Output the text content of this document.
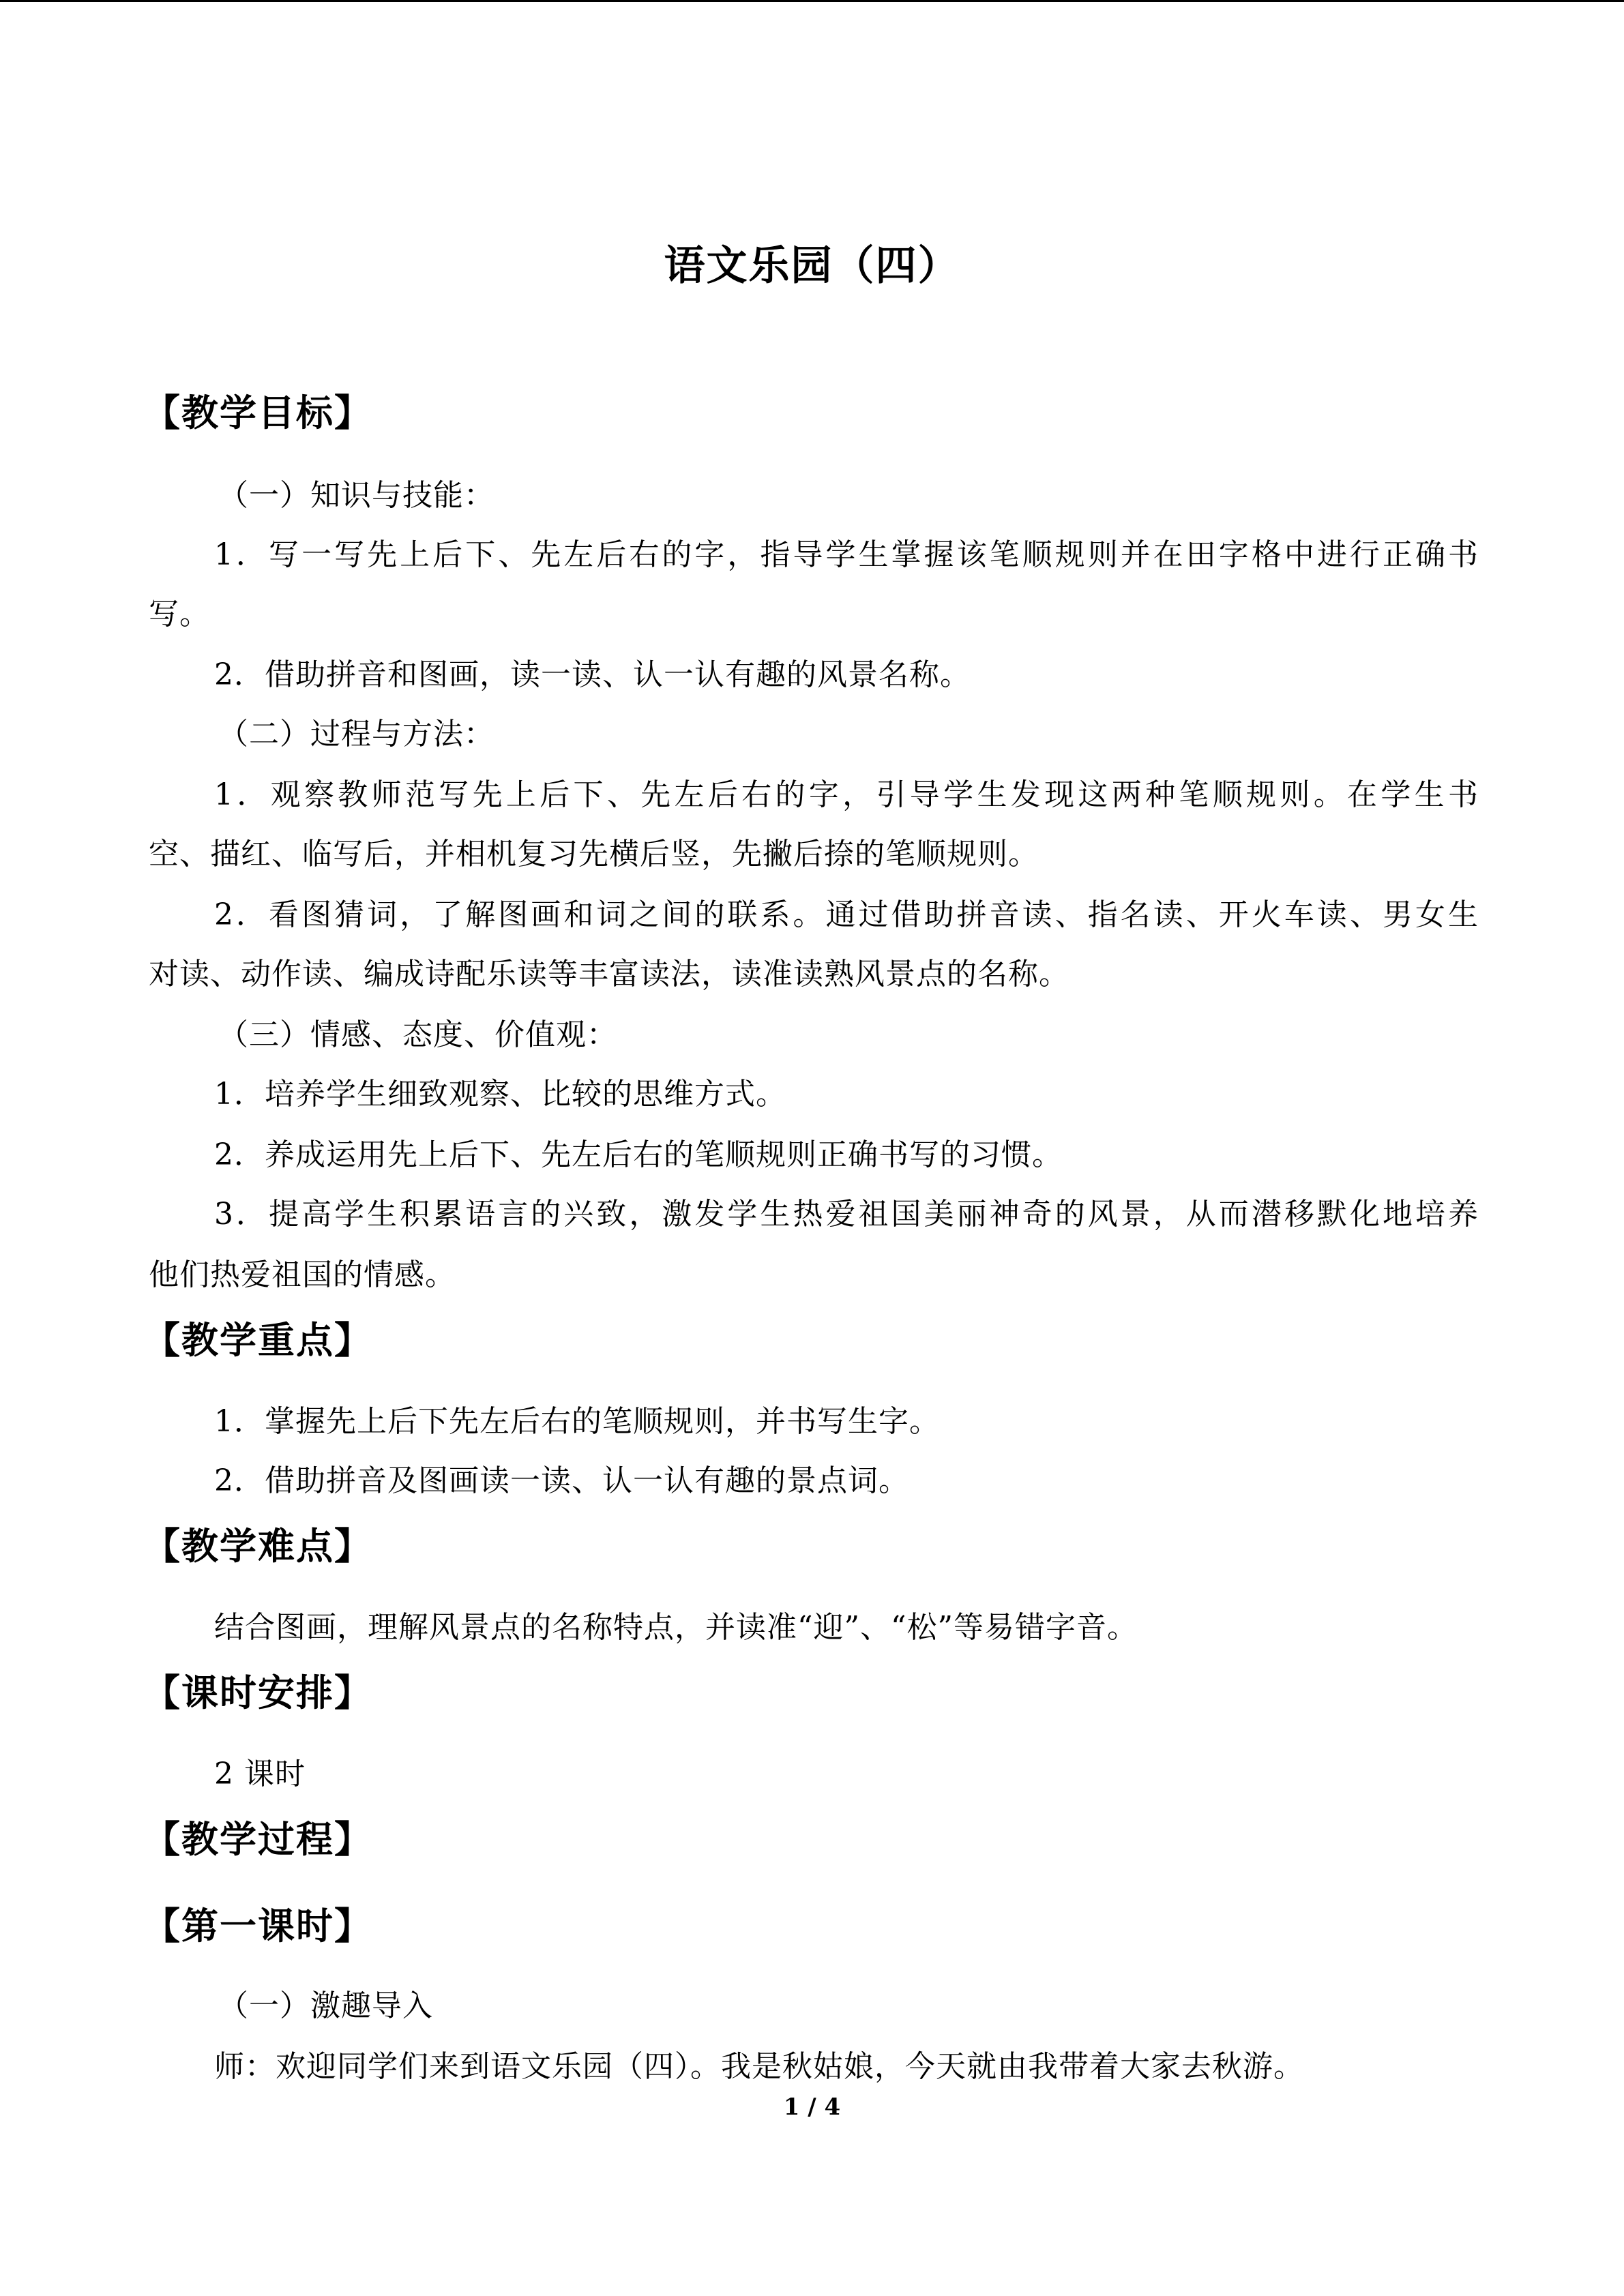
语文乐园（四）
【教学目标】

（一）知识与技能：

1．写一写先上后下、先左后右的字，指导学生掌握该笔顺规则并在田字格中进行正确书

写。

2．借助拼音和图画，读一读、认一认有趣的风景名称。

（二）过程与方法：

1．观察教师范写先上后下、先左后右的字，引导学生发现这两种笔顺规则。在学生书

空、描红、临写后，并相机复习先横后竖，先撇后捺的笔顺规则。

2．看图猜词，了解图画和词之间的联系。通过借助拼音读、指名读、开火车读、男女生

对读、动作读、编成诗配乐读等丰富读法，读准读熟风景点的名称。

（三）情感、态度、价值观：

1．培养学生细致观察、比较的思维方式。

2．养成运用先上后下、先左后右的笔顺规则正确书写的习惯。

3．提高学生积累语言的兴致，激发学生热爱祖国美丽神奇的风景，从而潜移默化地培养

他们热爱祖国的情感。

【教学重点】

1．掌握先上后下先左后右的笔顺规则，并书写生字。

2．借助拼音及图画读一读、认一认有趣的景点词。

【教学难点】

结合图画，理解风景点的名称特点，并读准“迎”、“松”等易错字音。

【课时安排】

2 课时

【教学过程】
【第一课时】

（一）激趣导入

师：欢迎同学们来到语文乐园（四）。我是秋姑娘，今天就由我带着大家去秋游。

1 / 4
